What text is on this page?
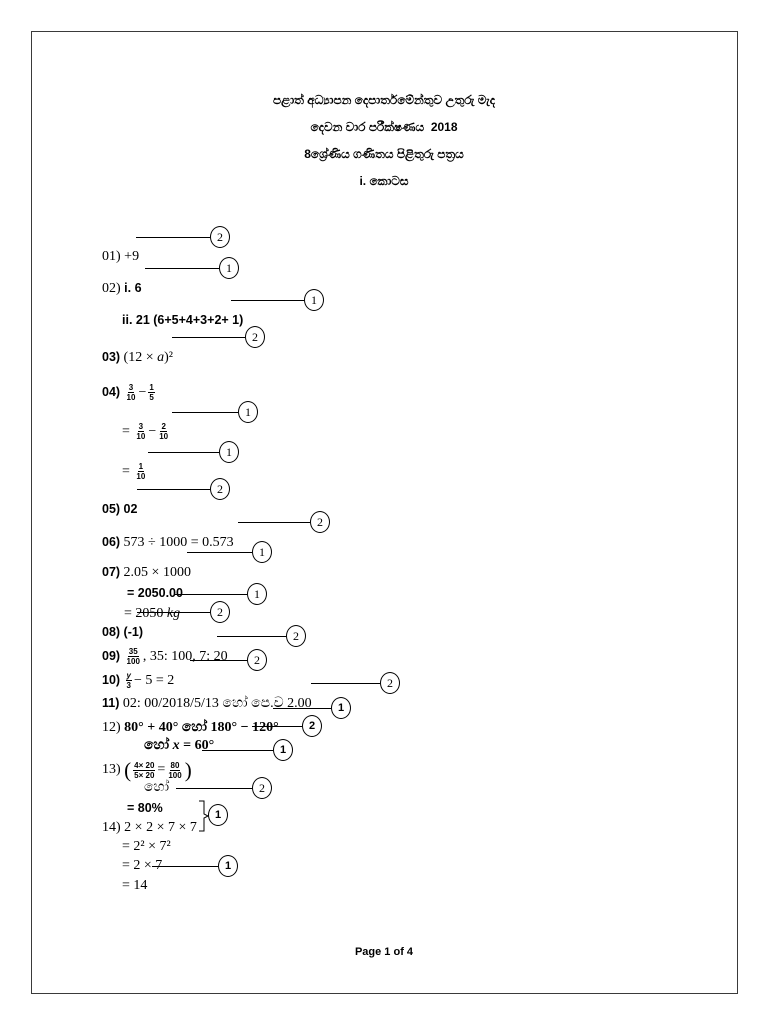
පළාත් අධ්‍යාපන දෙපාර්තමේන්තුව උතුරු මැද
දෙවන වාර පරීක්ෂණය  2018
8ශ්‍රේණිය ගණිතය පිළිතුරු පත්‍රය
i. කොටස

01) +9

2

02) i. 6

1

ii. 21 (6+5+4+3+2+ 1)

1

03) (12 × a)²

2

$04) \frac{3}{10} - \frac{1}{5}$

= $\frac{3}{10} - \frac{2}{10}$

1

= $\frac{1}{10}$

1

05) 02

2

06) 573 ÷ 1000 = 0.573

2

07) 2.05 × 1000

1

= 2050.00

= 2050 kg

1

08) (-1)

2

$09) \frac{35}{100}$ , 35: 100, 7: 20

2

$10) \frac{y}{3} - 5 = 2$

2

11) 02: 00/2018/5/13 හෝ පෙ.ව 2.00

2

12) 80° + 40° හෝ 180° − 120°

1

හෝ x = 60°

2

13) ( $\frac{4\times 20}{5\times 20} = \frac{80}{100}$ )

1

හෝ

= 80%

2

14) 2 × 2 × 7 × 7

1

= 2² × 7²

= 2 × 7

= 14

1
Page 1 of 4
